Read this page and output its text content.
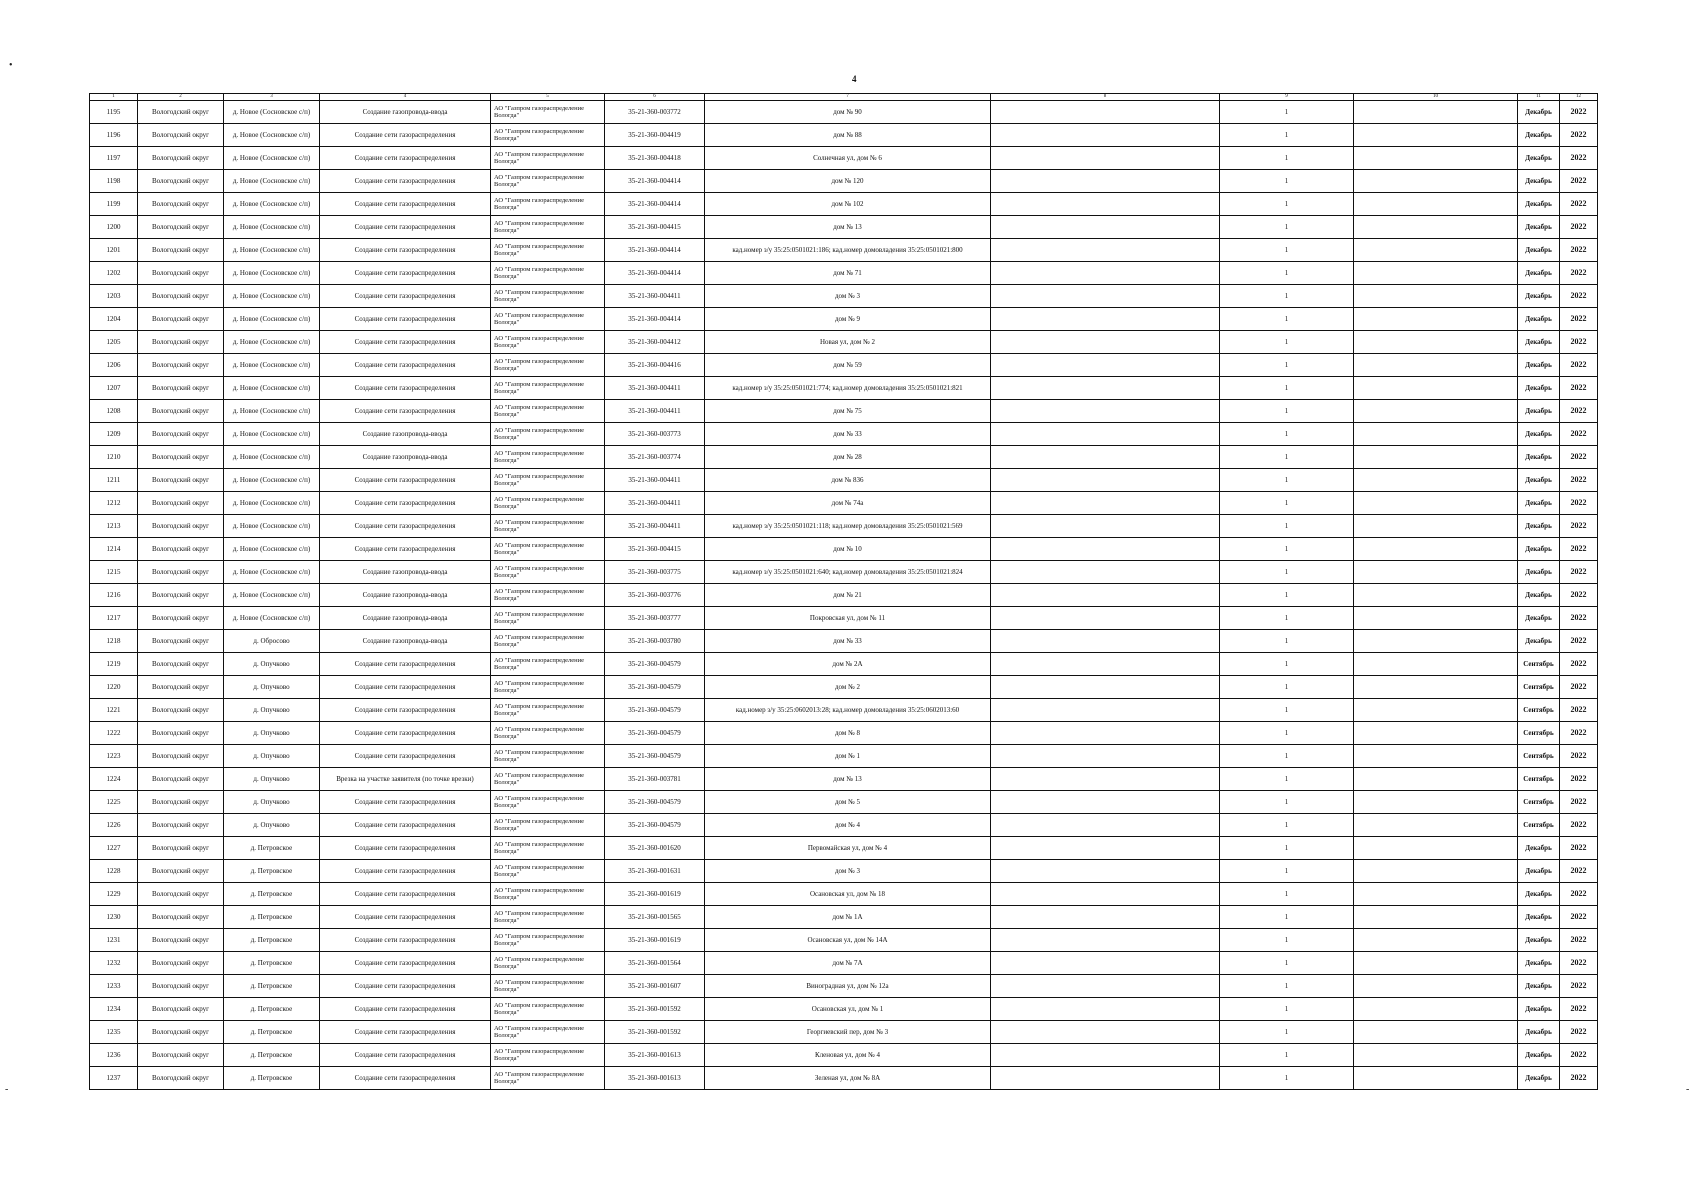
4
•
-	-
1	2	3	4	5	6	7	8	9	10	11	12
1195	Вологодский округ	д. Новое (Сосновское с/п)	Создание газопровода-ввода	АО "Газпром газораспределение Вологда"	35-21-360-003772	дом № 90		1		Декабрь	2022
1196	Вологодский округ	д. Новое (Сосновское с/п)	Создание сети газораспределения	АО "Газпром газораспределение Вологда"	35-21-360-004419	дом № 88		1		Декабрь	2022
1197	Вологодский округ	д. Новое (Сосновское с/п)	Создание сети газораспределения	АО "Газпром газораспределение Вологда"	35-21-360-004418	Солнечная ул, дом № 6		1		Декабрь	2022
1198	Вологодский округ	д. Новое (Сосновское с/п)	Создание сети газораспределения	АО "Газпром газораспределение Вологда"	35-21-360-004414	дом № 120		1		Декабрь	2022
1199	Вологодский округ	д. Новое (Сосновское с/п)	Создание сети газораспределения	АО "Газпром газораспределение Вологда"	35-21-360-004414	дом № 102		1		Декабрь	2022
1200	Вологодский округ	д. Новое (Сосновское с/п)	Создание сети газораспределения	АО "Газпром газораспределение Вологда"	35-21-360-004415	дом № 13		1		Декабрь	2022
1201	Вологодский округ	д. Новое (Сосновское с/п)	Создание сети газораспределения	АО "Газпром газораспределение Вологда"	35-21-360-004414	кад.номер з/у 35:25:0501021:186; кад.номер домовладения 35:25:0501021:800		1		Декабрь	2022
1202	Вологодский округ	д. Новое (Сосновское с/п)	Создание сети газораспределения	АО "Газпром газораспределение Вологда"	35-21-360-004414	дом № 71		1		Декабрь	2022
1203	Вологодский округ	д. Новое (Сосновское с/п)	Создание сети газораспределения	АО "Газпром газораспределение Вологда"	35-21-360-004411	дом № 3		1		Декабрь	2022
1204	Вологодский округ	д. Новое (Сосновское с/п)	Создание сети газораспределения	АО "Газпром газораспределение Вологда"	35-21-360-004414	дом № 9		1		Декабрь	2022
1205	Вологодский округ	д. Новое (Сосновское с/п)	Создание сети газораспределения	АО "Газпром газораспределение Вологда"	35-21-360-004412	Новая ул, дом № 2		1		Декабрь	2022
1206	Вологодский округ	д. Новое (Сосновское с/п)	Создание сети газораспределения	АО "Газпром газораспределение Вологда"	35-21-360-004416	дом № 59		1		Декабрь	2022
1207	Вологодский округ	д. Новое (Сосновское с/п)	Создание сети газораспределения	АО "Газпром газораспределение Вологда"	35-21-360-004411	кад.номер з/у 35:25:0501021:774; кад.номер домовладения 35:25:0501021:821		1		Декабрь	2022
1208	Вологодский округ	д. Новое (Сосновское с/п)	Создание сети газораспределения	АО "Газпром газораспределение Вологда"	35-21-360-004411	дом № 75		1		Декабрь	2022
1209	Вологодский округ	д. Новое (Сосновское с/п)	Создание газопровода-ввода	АО "Газпром газораспределение Вологда"	35-21-360-003773	дом № 33		1		Декабрь	2022
1210	Вологодский округ	д. Новое (Сосновское с/п)	Создание газопровода-ввода	АО "Газпром газораспределение Вологда"	35-21-360-003774	дом № 28		1		Декабрь	2022
1211	Вологодский округ	д. Новое (Сосновское с/п)	Создание сети газораспределения	АО "Газпром газораспределение Вологда"	35-21-360-004411	дом № 836		1		Декабрь	2022
1212	Вологодский округ	д. Новое (Сосновское с/п)	Создание сети газораспределения	АО "Газпром газораспределение Вологда"	35-21-360-004411	дом № 74а		1		Декабрь	2022
1213	Вологодский округ	д. Новое (Сосновское с/п)	Создание сети газораспределения	АО "Газпром газораспределение Вологда"	35-21-360-004411	кад.номер з/у 35:25:0501021:118; кад.номер домовладения 35:25:0501021:569		1		Декабрь	2022
1214	Вологодский округ	д. Новое (Сосновское с/п)	Создание сети газораспределения	АО "Газпром газораспределение Вологда"	35-21-360-004415	дом № 10		1		Декабрь	2022
1215	Вологодский округ	д. Новое (Сосновское с/п)	Создание газопровода-ввода	АО "Газпром газораспределение Вологда"	35-21-360-003775	кад.номер з/у 35:25:0501021:640; кад.номер домовладения 35:25:0501021:824		1		Декабрь	2022
1216	Вологодский округ	д. Новое (Сосновское с/п)	Создание газопровода-ввода	АО "Газпром газораспределение Вологда"	35-21-360-003776	дом № 21		1		Декабрь	2022
1217	Вологодский округ	д. Новое (Сосновское с/п)	Создание газопровода-ввода	АО "Газпром газораспределение Вологда"	35-21-360-003777	Покровская ул, дом № 11		1		Декабрь	2022
1218	Вологодский округ	д. Обросово	Создание газопровода-ввода	АО "Газпром газораспределение Вологда"	35-21-360-003780	дом № 33		1		Декабрь	2022
1219	Вологодский округ	д. Опучково	Создание сети газораспределения	АО "Газпром газораспределение Вологда"	35-21-360-004579	дом № 2А		1		Сентябрь	2022
1220	Вологодский округ	д. Опучково	Создание сети газораспределения	АО "Газпром газораспределение Вологда"	35-21-360-004579	дом № 2		1		Сентябрь	2022
1221	Вологодский округ	д. Опучково	Создание сети газораспределения	АО "Газпром газораспределение Вологда"	35-21-360-004579	кад.номер з/у 35:25:0602013:28; кад.номер домовладения 35:25:0602013:60		1		Сентябрь	2022
1222	Вологодский округ	д. Опучково	Создание сети газораспределения	АО "Газпром газораспределение Вологда"	35-21-360-004579	дом № 8		1		Сентябрь	2022
1223	Вологодский округ	д. Опучково	Создание сети газораспределения	АО "Газпром газораспределение Вологда"	35-21-360-004579	дом № 1		1		Сентябрь	2022
1224	Вологодский округ	д. Опучково	Врезка на участке заявителя (по точке врезки)	АО "Газпром газораспределение Вологда"	35-21-360-003781	дом № 13		1		Сентябрь	2022
1225	Вологодский округ	д. Опучково	Создание сети газораспределения	АО "Газпром газораспределение Вологда"	35-21-360-004579	дом № 5		1		Сентябрь	2022
1226	Вологодский округ	д. Опучково	Создание сети газораспределения	АО "Газпром газораспределение Вологда"	35-21-360-004579	дом № 4		1		Сентябрь	2022
1227	Вологодский округ	д. Петровское	Создание сети газораспределения	АО "Газпром газораспределение Вологда"	35-21-360-001620	Первомайская ул, дом № 4		1		Декабрь	2022
1228	Вологодский округ	д. Петровское	Создание сети газораспределения	АО "Газпром газораспределение Вологда"	35-21-360-001631	дом № 3		1		Декабрь	2022
1229	Вологодский округ	д. Петровское	Создание сети газораспределения	АО "Газпром газораспределение Вологда"	35-21-360-001619	Осановская ул, дом № 18		1		Декабрь	2022
1230	Вологодский округ	д. Петровское	Создание сети газораспределения	АО "Газпром газораспределение Вологда"	35-21-360-001565	дом № 1А		1		Декабрь	2022
1231	Вологодский округ	д. Петровское	Создание сети газораспределения	АО "Газпром газораспределение Вологда"	35-21-360-001619	Осановская ул, дом № 14А		1		Декабрь	2022
1232	Вологодский округ	д. Петровское	Создание сети газораспределения	АО "Газпром газораспределение Вологда"	35-21-360-001564	дом № 7А		1		Декабрь	2022
1233	Вологодский округ	д. Петровское	Создание сети газораспределения	АО "Газпром газораспределение Вологда"	35-21-360-001607	Виноградная ул, дом № 12а		1		Декабрь	2022
1234	Вологодский округ	д. Петровское	Создание сети газораспределения	АО "Газпром газораспределение Вологда"	35-21-360-001592	Осановская ул, дом № 1		1		Декабрь	2022
1235	Вологодский округ	д. Петровское	Создание сети газораспределения	АО "Газпром газораспределение Вологда"	35-21-360-001592	Георгиевский пер, дом № 3		1		Декабрь	2022
1236	Вологодский округ	д. Петровское	Создание сети газораспределения	АО "Газпром газораспределение Вологда"	35-21-360-001613	Кленовая ул, дом № 4		1		Декабрь	2022
1237	Вологодский округ	д. Петровское	Создание сети газораспределения	АО "Газпром газораспределение Вологда"	35-21-360-001613	Зеленая ул, дом № 8А		1		Декабрь	2022
